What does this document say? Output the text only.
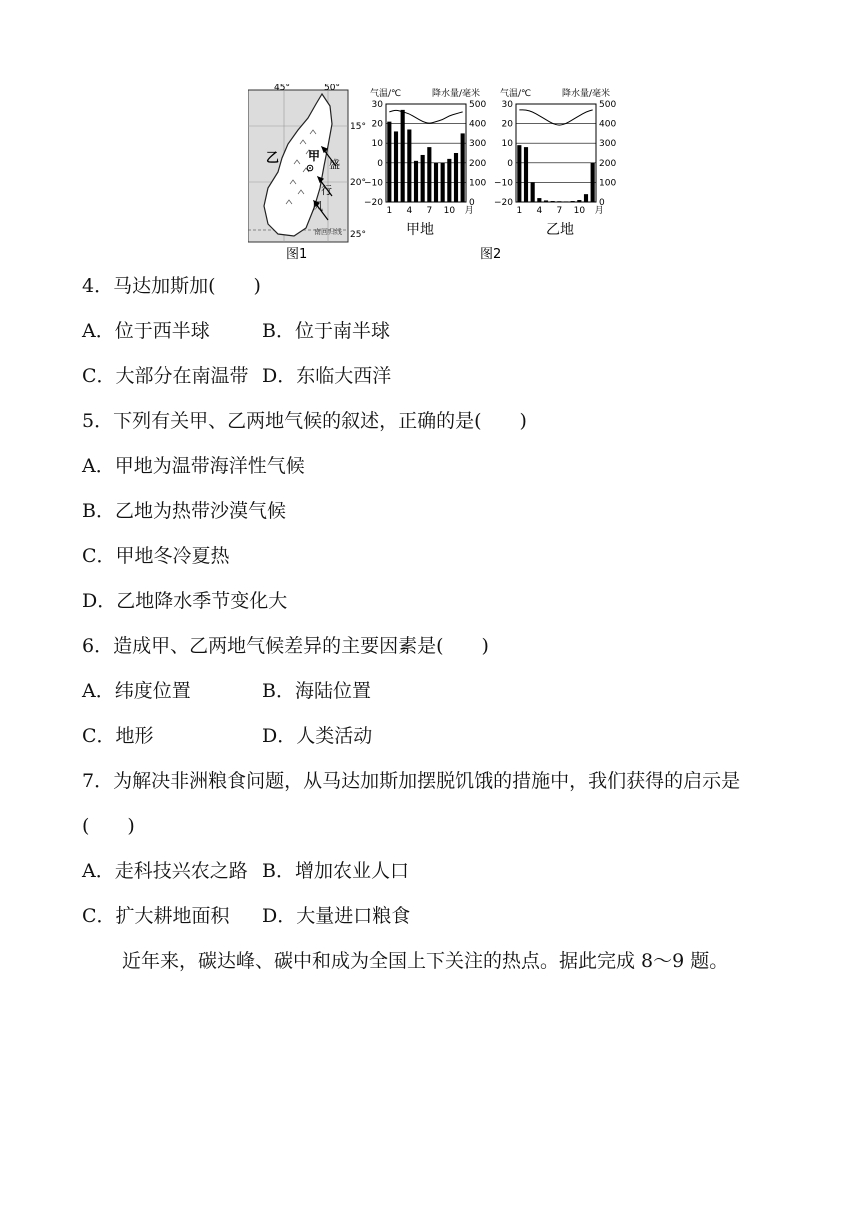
乙 甲
盛
行
风
南回归线
45°	50°
15°
20°
25°
图1
气温/℃	降水量/毫米
30	500
20	400
10	300
0	200
−10	100
−20	0
1 4 7 10 月
甲地
气温/℃	降水量/毫米
30	500
20	400
10	300
0	200
−10	100
−20	0
1 4 7 10 月
乙地
图2
4．马达加斯加(　　)
A．位于西半球	B．位于南半球
C．大部分在南温带 D．东临大西洋
5．下列有关甲、乙两地气候的叙述，正确的是(　　)
A．甲地为温带海洋性气候
B．乙地为热带沙漠气候
C．甲地冬冷夏热
D．乙地降水季节变化大
6．造成甲、乙两地气候差异的主要因素是(　　)
A．纬度位置	B．海陆位置
C．地形	D．人类活动
7．为解决非洲粮食问题，从马达加斯加摆脱饥饿的措施中，我们获得的启示是
(　　)
A．走科技兴农之路 B．增加农业人口
C．扩大耕地面积 D．大量进口粮食
近年来，碳达峰、碳中和成为全国上下关注的热点。据此完成 8～9 题。
